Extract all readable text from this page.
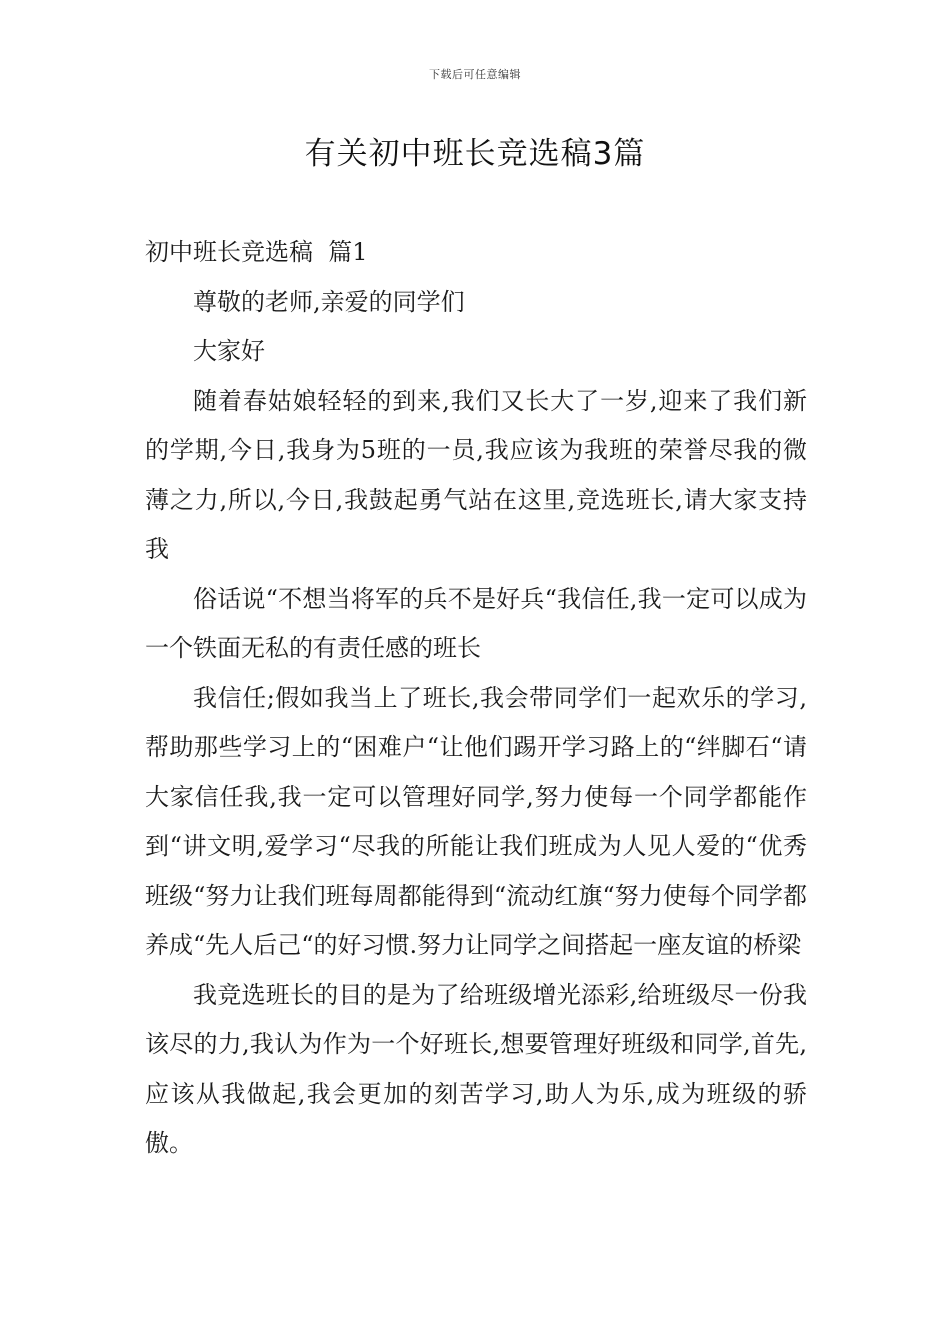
下载后可任意编辑
有关初中班长竞选稿3篇

初中班长竞选稿  篇1

尊敬的老师,亲爱的同学们

大家好

随着春姑娘轻轻的到来,我们又长大了一岁,迎来了我们新的学期,今日,我身为5班的一员,我应该为我班的荣誉尽我的微薄之力,所以,今日,我鼓起勇气站在这里,竞选班长,请大家支持我

俗话说“不想当将军的兵不是好兵“我信任,我一定可以成为一个铁面无私的有责任感的班长

我信任;假如我当上了班长,我会带同学们一起欢乐的学习,帮助那些学习上的“困难户“让他们踢开学习路上的“绊脚石“请大家信任我,我一定可以管理好同学,努力使每一个同学都能作到“讲文明,爱学习“尽我的所能让我们班成为人见人爱的“优秀班级“努力让我们班每周都能得到“流动红旗“努力使每个同学都养成“先人后己“的好习惯.努力让同学之间搭起一座友谊的桥梁

我竞选班长的目的是为了给班级增光添彩,给班级尽一份我该尽的力,我认为作为一个好班长,想要管理好班级和同学,首先,应该从我做起,我会更加的刻苦学习,助人为乐,成为班级的骄傲。
